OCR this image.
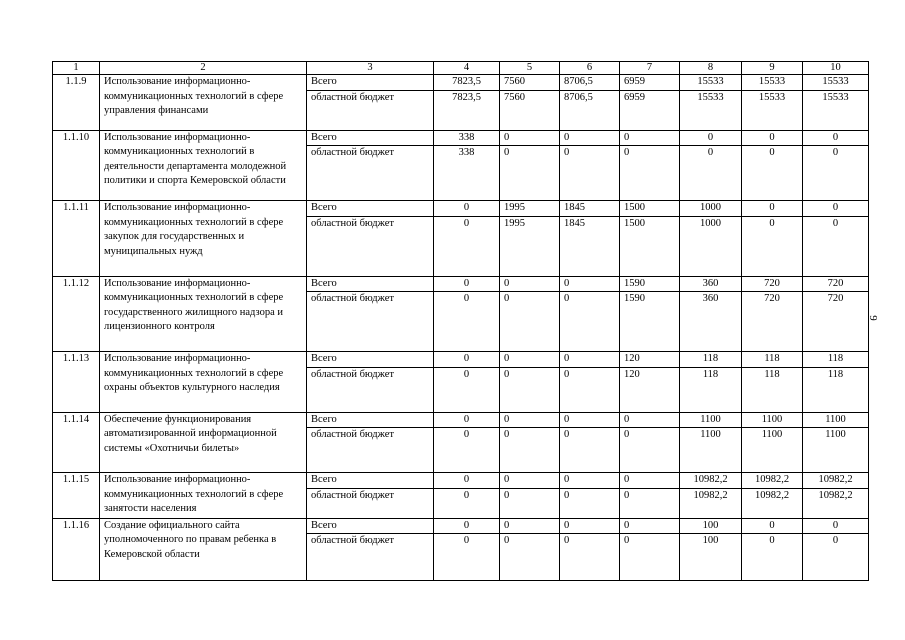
1	2	3	4	5	6	7	8	9	10
1.1.9	Использование информационно-коммуникационных технологий в сфере управления финансами	Всего	7823,5	7560	8706,5	6959	15533	15533	15533
		областной бюджет	7823,5	7560	8706,5	6959	15533	15533	15533
1.1.10	Использование информационно-коммуникационных технологий в деятельности департамента молодежной политики и спорта Кемеровской области	Всего	338	0	0	0	0	0	0
		областной бюджет	338	0	0	0	0	0	0
1.1.11	Использование информационно-коммуникационных технологий в сфере закупок для государственных и муниципальных нужд	Всего	0	1995	1845	1500	1000	0	0
		областной бюджет	0	1995	1845	1500	1000	0	0
1.1.12	Использование информационно-коммуникационных технологий в сфере государственного жилищного надзора и лицензионного контроля	Всего	0	0	0	1590	360	720	720
		областной бюджет	0	0	0	1590	360	720	720
1.1.13	Использование информационно-коммуникационных технологий в сфере охраны объектов культурного наследия	Всего	0	0	0	120	118	118	118
		областной бюджет	0	0	0	120	118	118	118
1.1.14	Обеспечение функционирования автоматизированной информационной системы «Охотничьи билеты»	Всего	0	0	0	0	1100	1100	1100
		областной бюджет	0	0	0	0	1100	1100	1100
1.1.15	Использование информационно-коммуникационных технологий в сфере занятости населения	Всего	0	0	0	0	10982,2	10982,2	10982,2
		областной бюджет	0	0	0	0	10982,2	10982,2	10982,2
1.1.16	Создание официального сайта уполномоченного по правам ребенка в Кемеровской области	Всего	0	0	0	0	100	0	0
		областной бюджет	0	0	0	0	100	0	0
9
